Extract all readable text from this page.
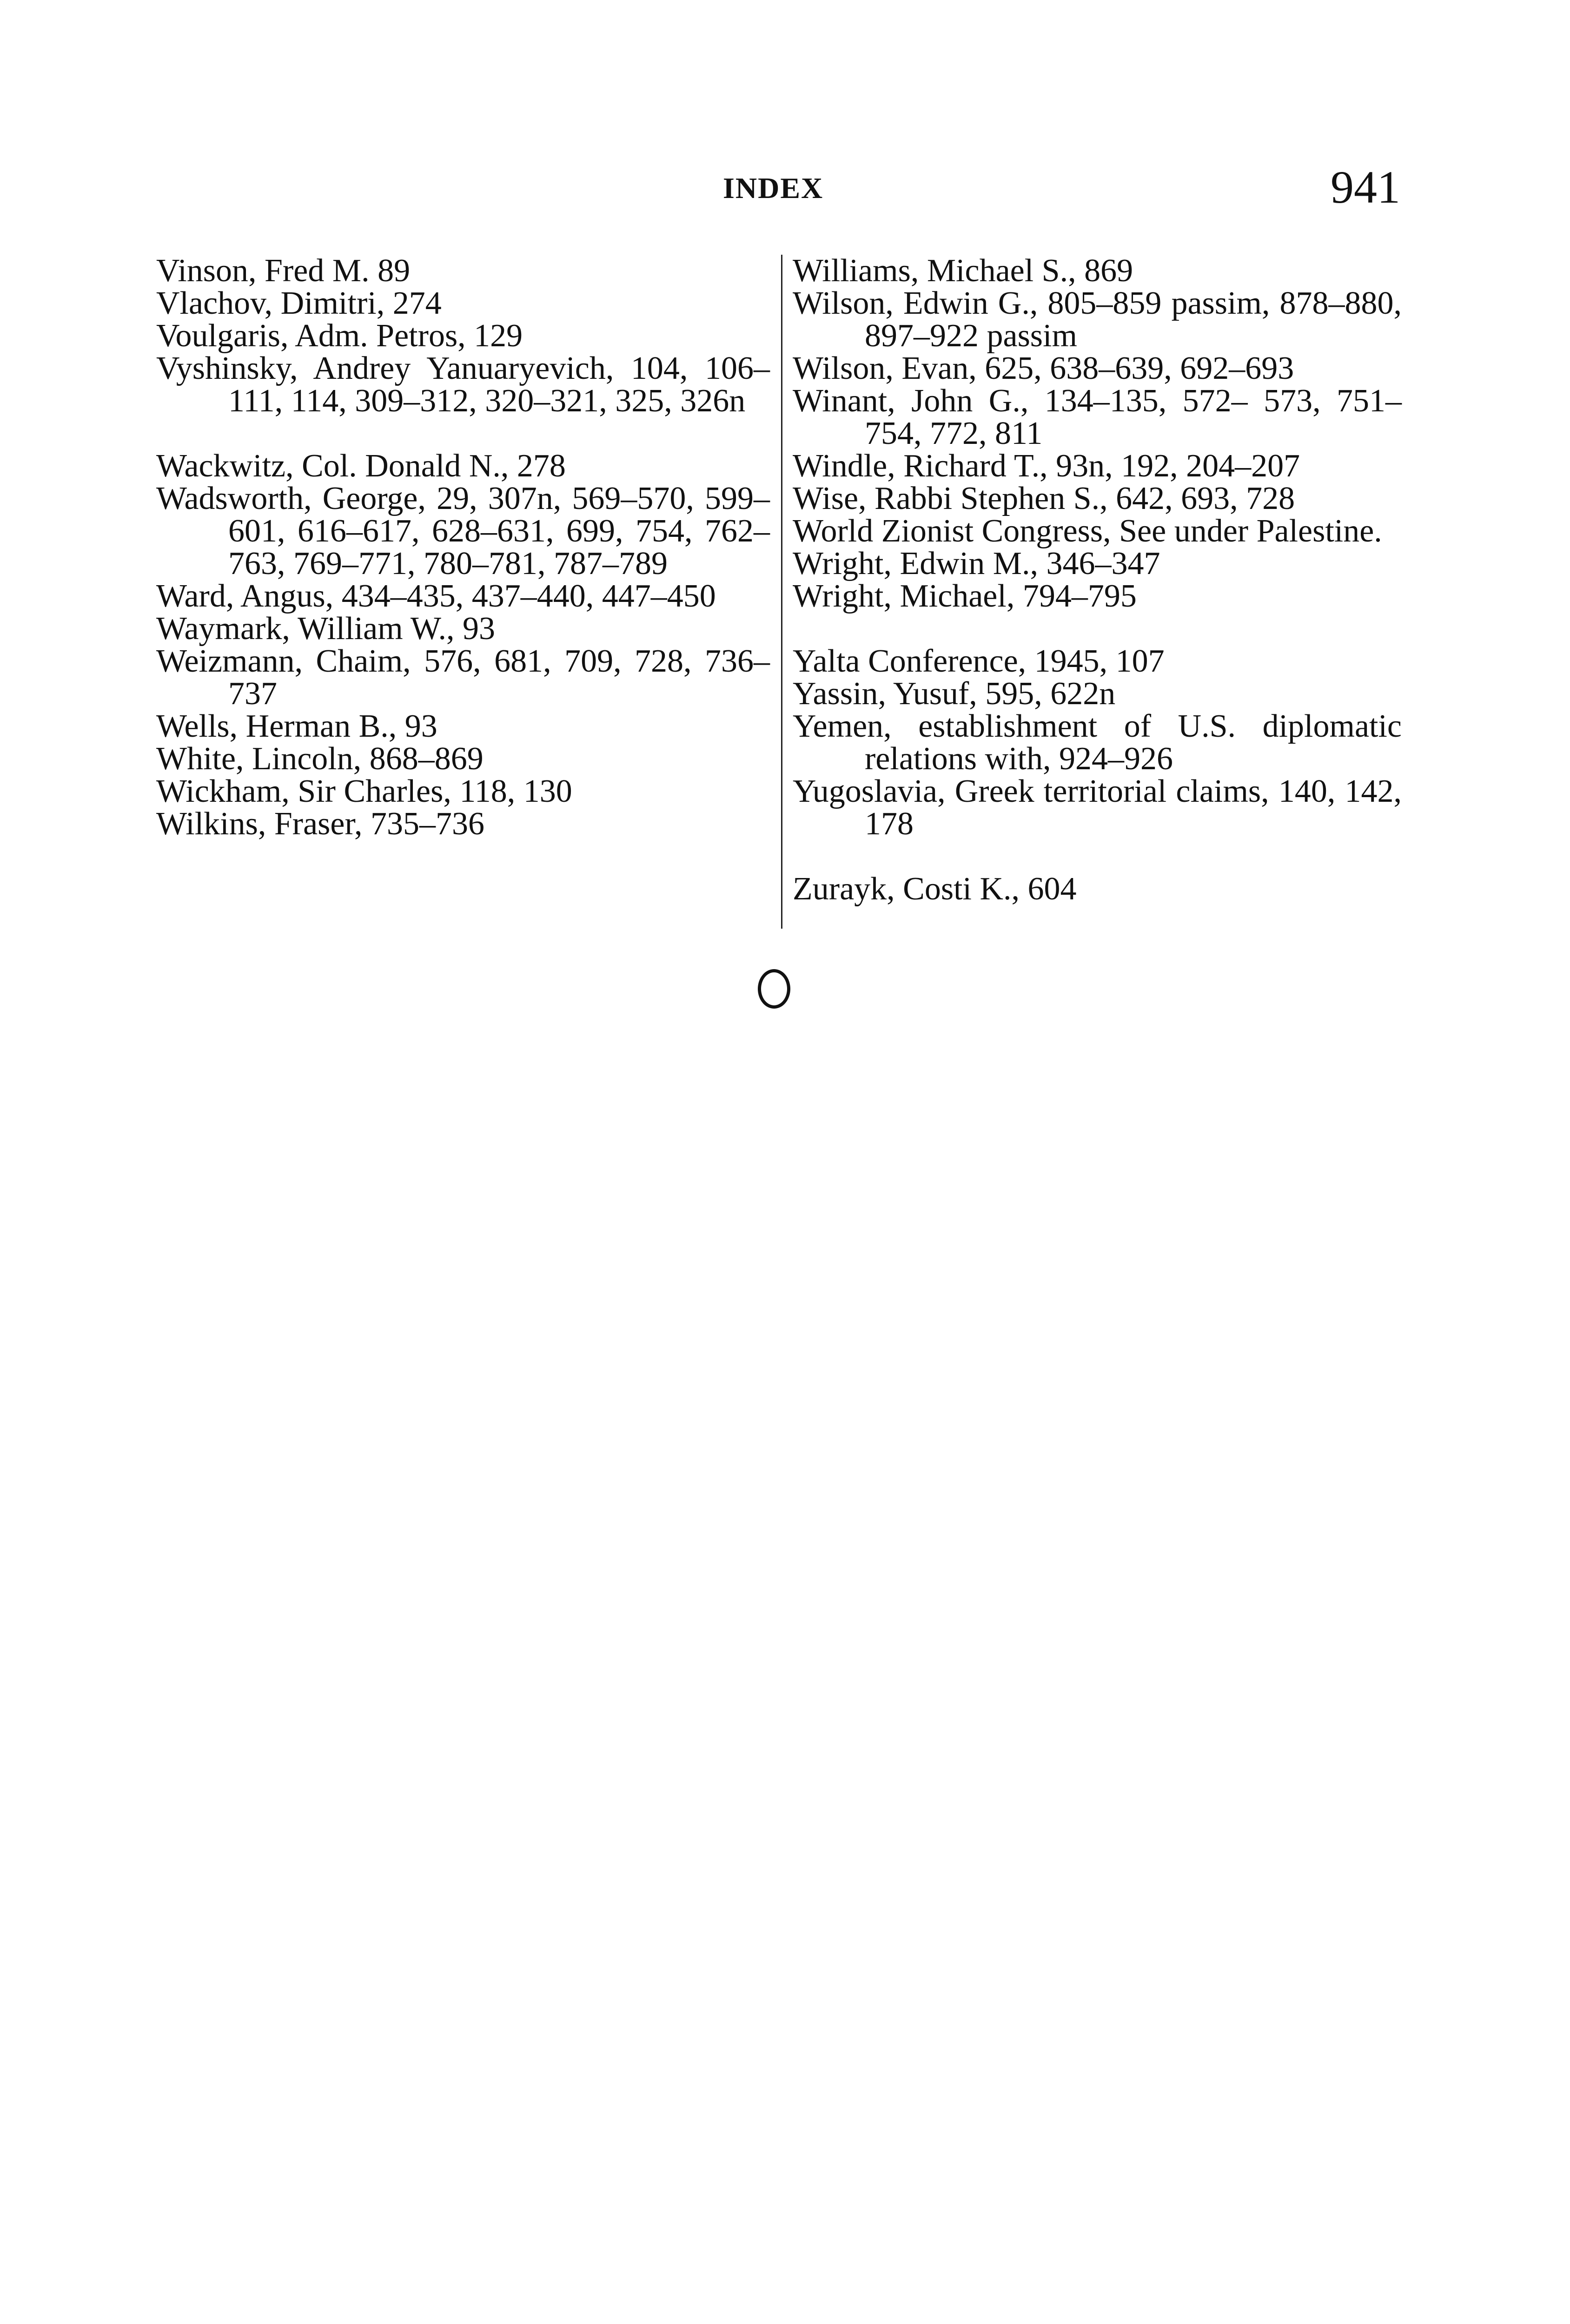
INDEX	941

Vinson, Fred M. 89

Vlachov, Dimitri, 274

Voulgaris, Adm. Petros, 129

Vyshinsky, Andrey Yanuaryevich, 104, 106–111, 114, 309–312, 320–321, 325, 326n

Wackwitz, Col. Donald N., 278

Wadsworth, George, 29, 307n, 569–570, 599–601, 616–617, 628–631, 699, 754, 762–763, 769–771, 780–781, 787–789

Ward, Angus, 434–435, 437–440, 447–450

Waymark, William W., 93

Weizmann, Chaim, 576, 681, 709, 728, 736–737

Wells, Herman B., 93

White, Lincoln, 868–869

Wickham, Sir Charles, 118, 130

Wilkins, Fraser, 735–736

Williams, Michael S., 869

Wilson, Edwin G., 805–859 passim, 878–880, 897–922 passim

Wilson, Evan, 625, 638–639, 692–693

Winant, John G., 134–135, 572– 573, 751–754, 772, 811

Windle, Richard T., 93n, 192, 204–207

Wise, Rabbi Stephen S., 642, 693, 728

World Zionist Congress, See under Palestine.

Wright, Edwin M., 346–347

Wright, Michael, 794–795

Yalta Conference, 1945, 107

Yassin, Yusuf, 595, 622n

Yemen, establishment of U.S. diplomatic relations with, 924–926

Yugoslavia, Greek territorial claims, 140, 142, 178

Zurayk, Costi K., 604
